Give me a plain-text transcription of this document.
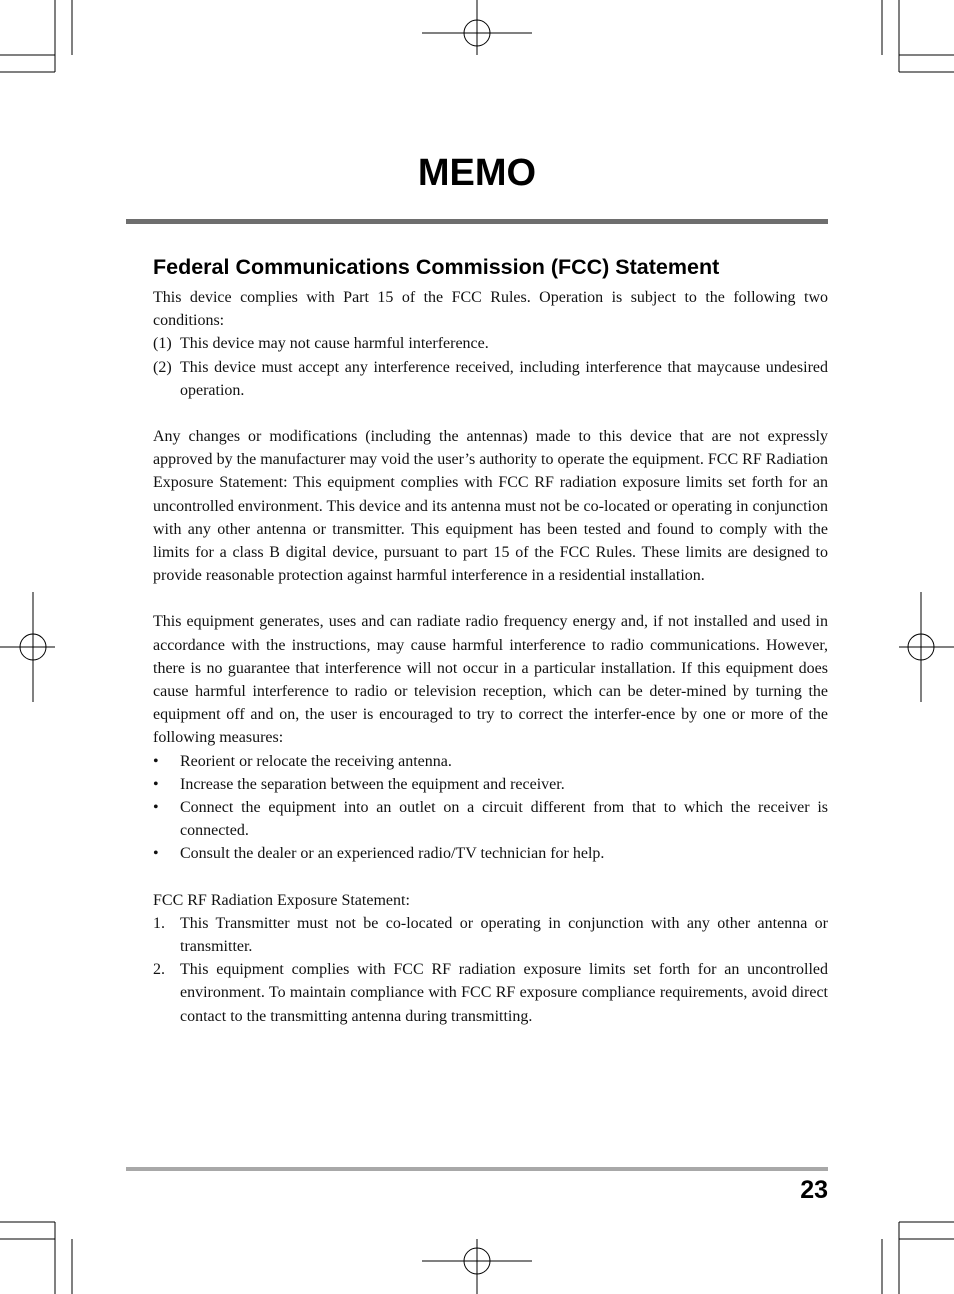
MEMO
Federal Communications Commission (FCC) Statement

This device complies with Part 15 of the FCC Rules. Operation is subject to the following two conditions:

(1) This device may not cause harmful interference.
(2) This device must accept any interference received, including interference that maycause undesired operation.

Any changes or modifications (including the antennas) made to this device that are not expressly approved by the manufacturer may void the user’s authority to operate the equipment. FCC RF Radiation Exposure Statement: This equipment complies with FCC RF radiation exposure limits set forth for an uncontrolled environment. This device and its antenna must not be co-located or operating in conjunction with any other antenna or transmitter. This equipment has been tested and found to comply with the limits for a class B digital device, pursuant to part 15 of the FCC Rules. These limits are designed to provide reasonable protection against harmful interference in a residential installation.

This equipment generates, uses and can radiate radio frequency energy and, if not installed and used in accordance with the instructions, may cause harmful interference to radio communications. However, there is no guarantee that interference will not occur in a particular installation. If this equipment does cause harmful interference to radio or television reception, which can be deter-mined by turning the equipment off and on, the user is encouraged to try to correct the interfer-ence by one or more of the following measures:

•	Reorient or relocate the receiving antenna.
•	Increase the separation between the equipment and receiver.
•	Connect the equipment into an outlet on a circuit different from that to which the receiver is connected.
•	Consult the dealer or an experienced radio/TV technician for help.

FCC RF Radiation Exposure Statement:

1. This Transmitter must not be co-located or operating in conjunction with any other antenna or transmitter.
2. This equipment complies with FCC RF radiation exposure limits set forth for an uncontrolled environment. To maintain compliance with FCC RF exposure compliance requirements, avoid direct contact to the transmitting antenna during transmitting.
23
